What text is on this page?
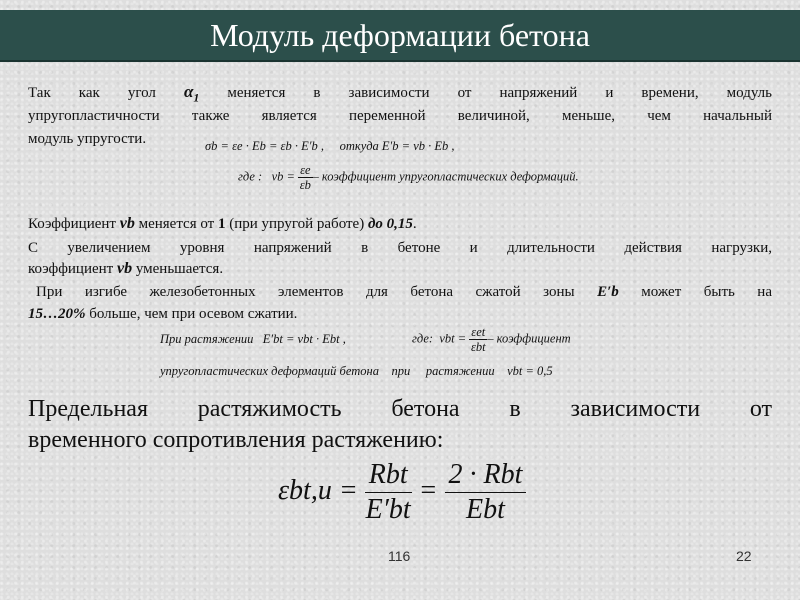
Модуль деформации бетона
Так как угол $\alpha_1$ меняется в зависимости от напряжений и времени, модуль
упругопластичности также является переменной величиной, меньше, чем начальный
модуль упругости.	σb = εe · Eb = εb · E′b , откуда E′b = νb · Eb ,
где : $\nu b = \frac{\varepsilon e}{\varepsilon b}$ – коэффициент упругопластических деформаций.
Коэффициент νb меняется от 1 (при упругой работе) до 0,15.
С увеличением уровня напряжений в бетоне и длительности действия нагрузки,
коэффициент νb уменьшается.
При изгибе железобетонных элементов для бетона сжатой зоны E′b может быть на
15…20% больше, чем при осевом сжатии.
При растяжении E′bt = νbt · Ebt ,	где: $\nu bt = \frac{\text{εet}}{\text{εbt}}$ – коэффициент
упругопластических деформаций бетона при растяжении νbt = 0,5
Предельная растяжимость бетона в зависимости от
временного сопротивления растяжению:
$\varepsilon bt,u = \frac{\text{Rbt}}{E'bt} = \frac{\text{2 · Rbt}}{\text{Ebt}}$
116	22
